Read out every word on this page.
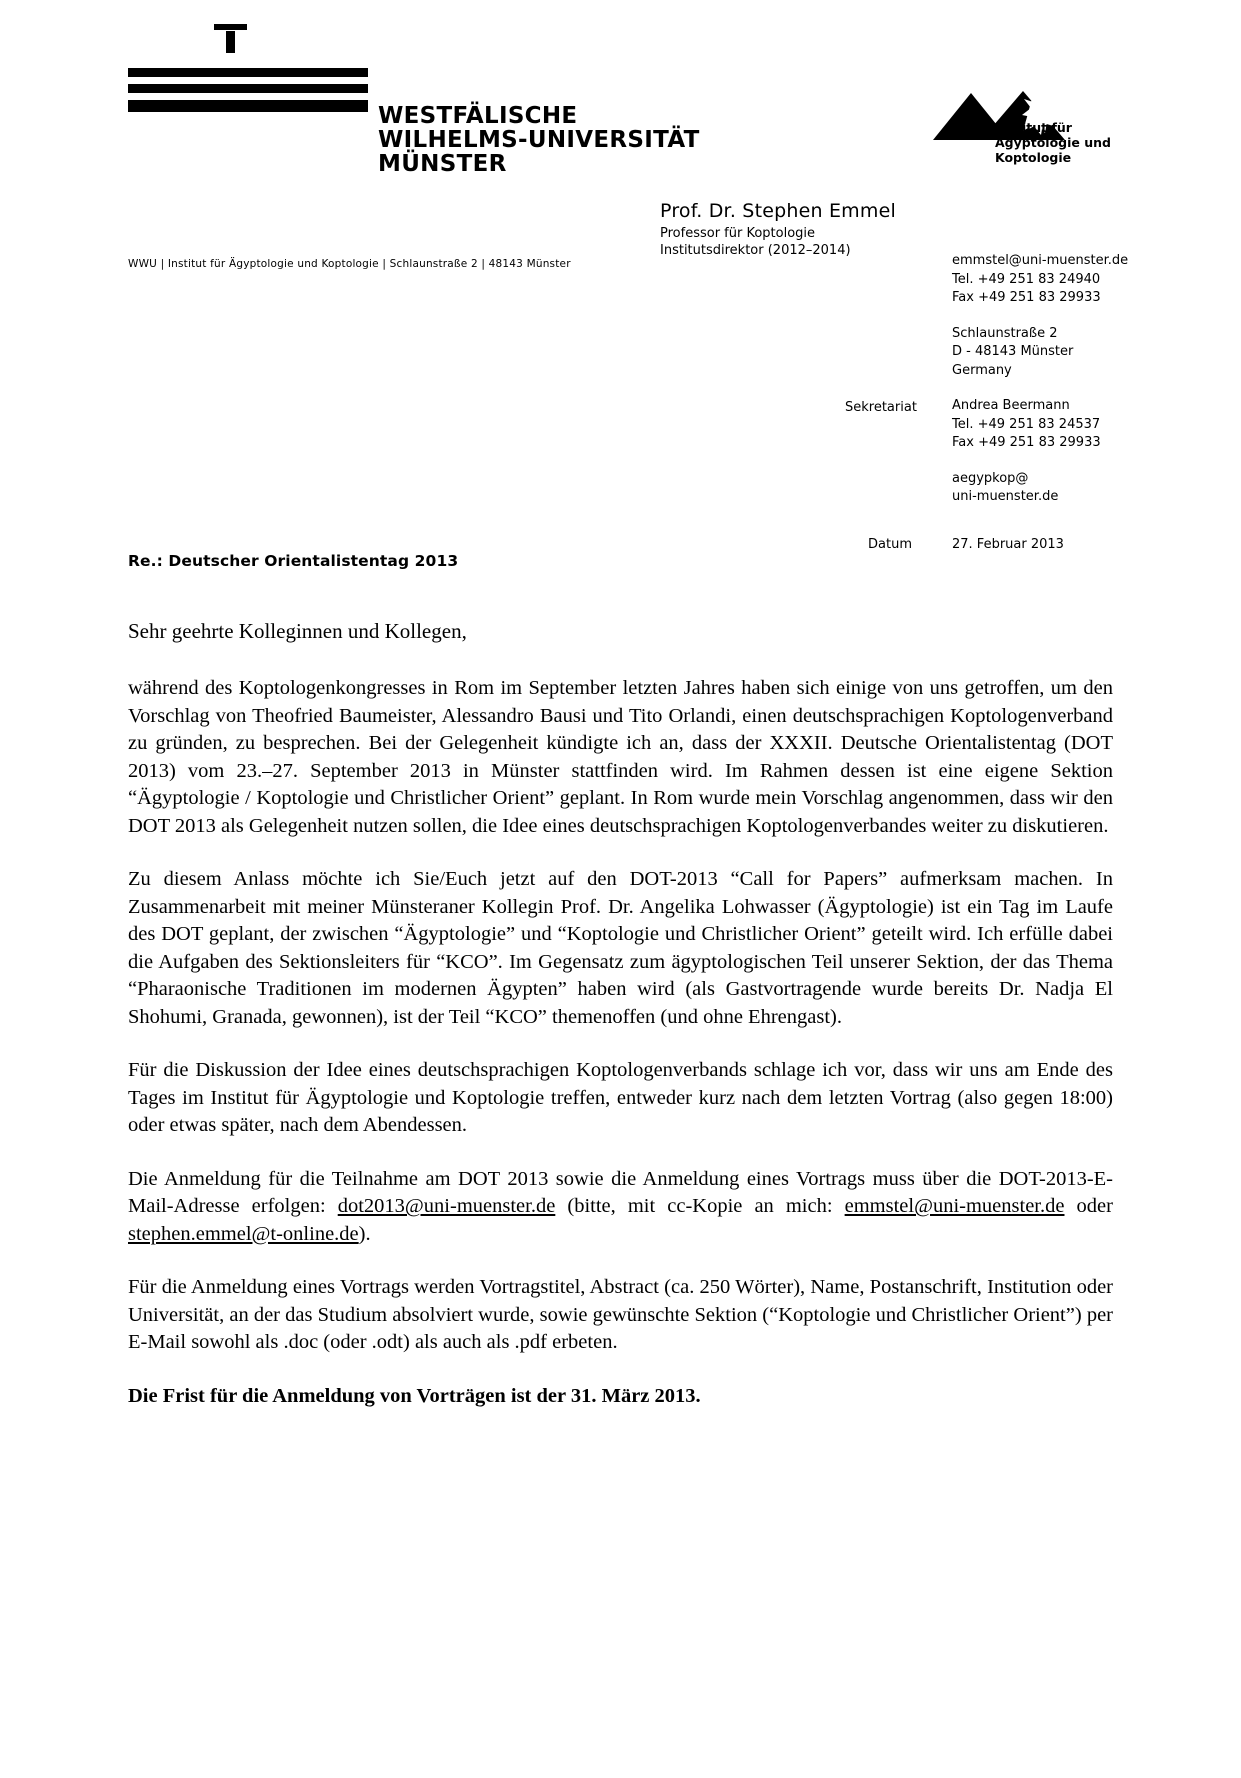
WESTFÄLISCHE
WILHELMS-UNIVERSITÄT
MÜNSTER
Institut für
Ägyptologie und Koptologie
WWU | Institut für Ägyptologie und Koptologie | Schlaunstraße 2 | 48143 Münster
Prof. Dr. Stephen Emmel
Professor für Koptologie
Institutsdirektor (2012–2014)
emmstel@uni-muenster.de
Tel. +49 251 83 24940
Fax +49 251 83 29933
Schlaunstraße 2
D - 48143 Münster
Germany
Andrea Beermann
Tel. +49 251 83 24537
Fax +49 251 83 29933
aegypkop@
uni-muenster.de
Sekretariat
Datum	27. Februar 2013
Re.: Deutscher Orientalistentag 2013
Sehr geehrte Kolleginnen und Kollegen,

während des Koptologenkongresses in Rom im September letzten Jahres haben sich einige von uns getroffen, um den Vorschlag von Theofried Baumeister, Alessandro Bausi und Tito Orlandi, einen deutschsprachigen Koptologenverband zu gründen, zu besprechen. Bei der Gelegenheit kündigte ich an, dass der XXXII. Deutsche Orientalistentag (DOT 2013) vom 23.–27. September 2013 in Münster stattfinden wird. Im Rahmen dessen ist eine eigene Sektion “Ägyptologie / Koptologie und Christlicher Orient” geplant. In Rom wurde mein Vorschlag angenommen, dass wir den DOT 2013 als Gelegenheit nutzen sollen, die Idee eines deutschsprachigen Koptologenverbandes weiter zu diskutieren.

Zu diesem Anlass möchte ich Sie/Euch jetzt auf den DOT-2013 “Call for Papers” aufmerksam machen. In Zusammenarbeit mit meiner Münsteraner Kollegin Prof. Dr. Angelika Lohwasser (Ägyptologie) ist ein Tag im Laufe des DOT geplant, der zwischen “Ägyptologie” und “Koptologie und Christlicher Orient” geteilt wird. Ich erfülle dabei die Aufgaben des Sektionsleiters für “KCO”. Im Gegensatz zum ägyptologischen Teil unserer Sektion, der das Thema “Pharaonische Traditionen im modernen Ägypten” haben wird (als Gastvortragende wurde bereits Dr. Nadja El Shohumi, Granada, gewonnen), ist der Teil “KCO” themenoffen (und ohne Ehrengast).

Für die Diskussion der Idee eines deutschsprachigen Koptologenverbands schlage ich vor, dass wir uns am Ende des Tages im Institut für Ägyptologie und Koptologie treffen, entweder kurz nach dem letzten Vortrag (also gegen 18:00) oder etwas später, nach dem Abendessen.

Die Anmeldung für die Teilnahme am DOT 2013 sowie die Anmeldung eines Vortrags muss über die DOT-2013-E-Mail-Adresse erfolgen: dot2013@uni-muenster.de (bitte, mit cc-Kopie an mich: emmstel@uni-muenster.de oder stephen.emmel@t-online.de).

Für die Anmeldung eines Vortrags werden Vortragstitel, Abstract (ca. 250 Wörter), Name, Postanschrift, Institution oder Universität, an der das Studium absolviert wurde, sowie gewünschte Sektion (“Koptologie und Christlicher Orient”) per E-Mail sowohl als .doc (oder .odt) als auch als .pdf erbeten.

Die Frist für die Anmeldung von Vorträgen ist der 31. März 2013.
